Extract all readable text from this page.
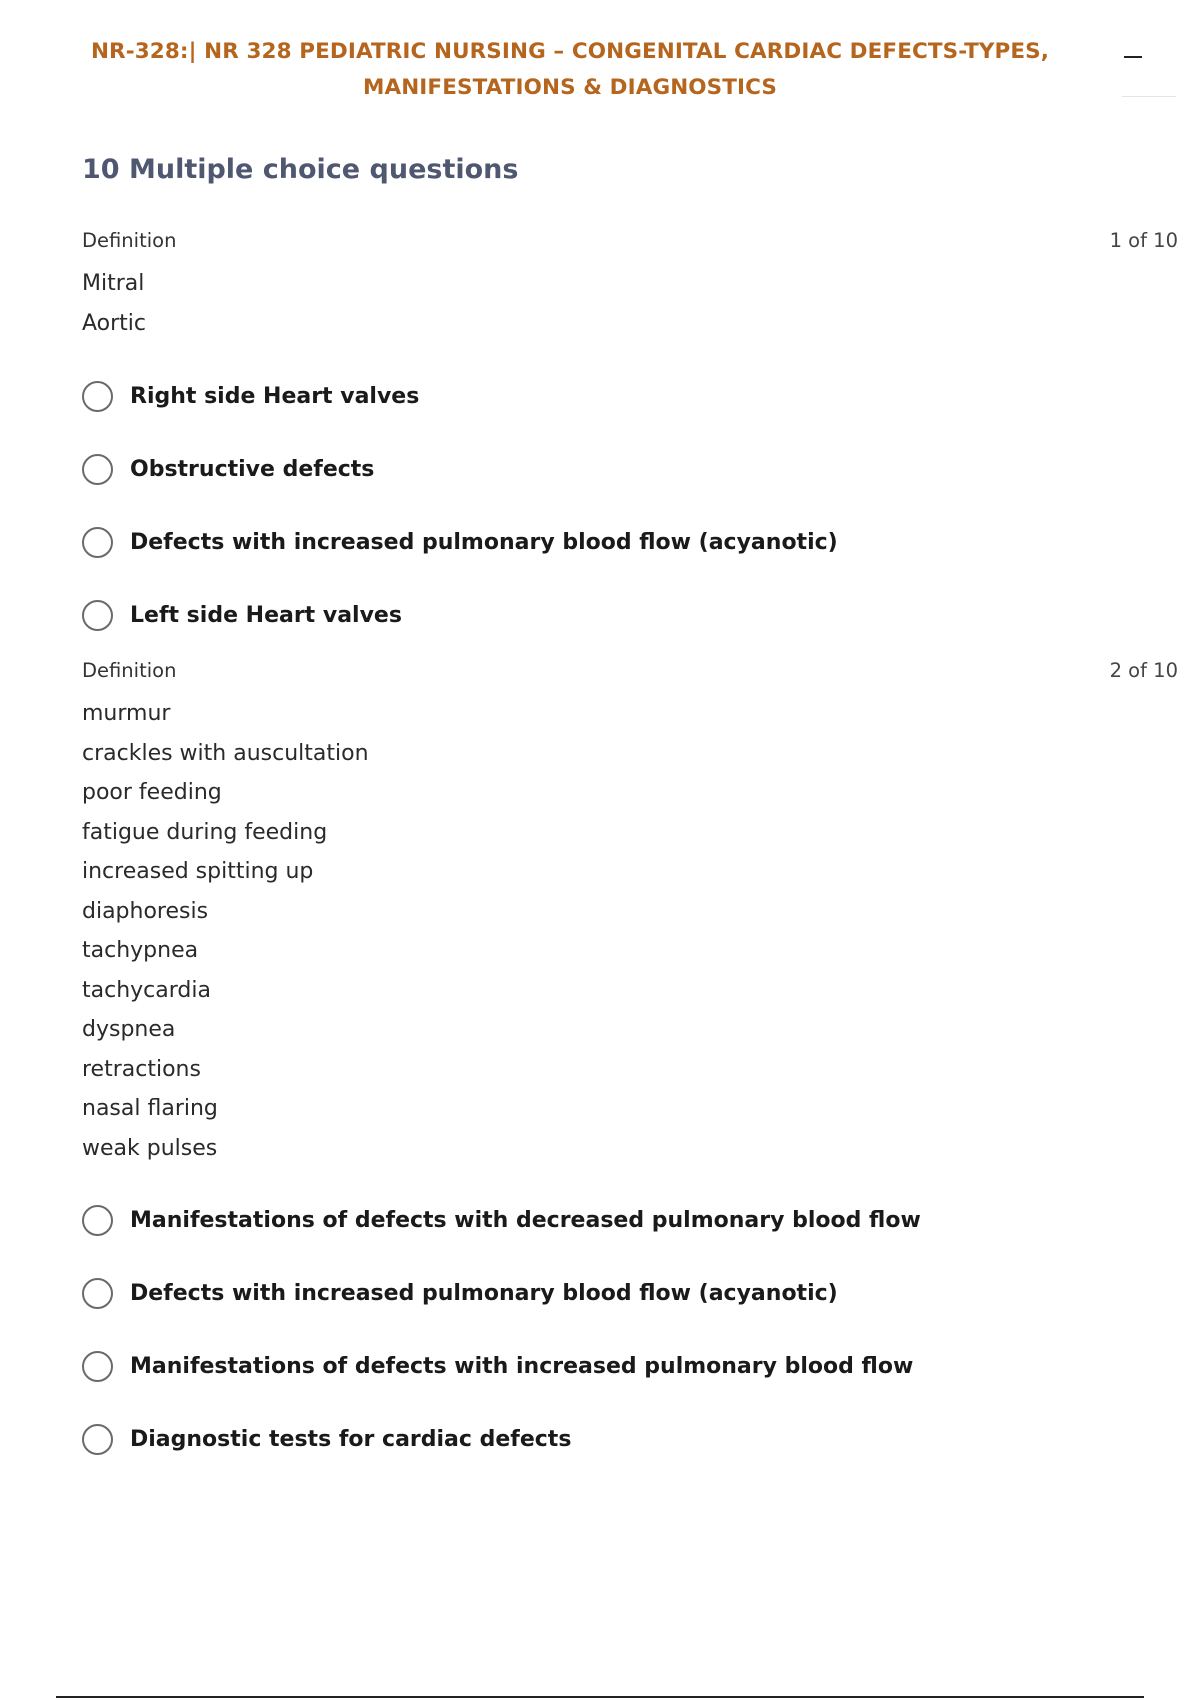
NR-328:| NR 328 PEDIATRIC NURSING – CONGENITAL CARDIAC DEFECTS-TYPES,
MANIFESTATIONS & DIAGNOSTICS
10 Multiple choice questions
Definition	1 of 10
Mitral
Aortic
Right side Heart valves
Obstructive defects
Defects with increased pulmonary blood flow (acyanotic)
Left side Heart valves
Definition	2 of 10
murmur
crackles with auscultation
poor feeding
fatigue during feeding
increased spitting up
diaphoresis
tachypnea
tachycardia
dyspnea
retractions
nasal flaring
weak pulses
Manifestations of defects with decreased pulmonary blood flow
Defects with increased pulmonary blood flow (acyanotic)
Manifestations of defects with increased pulmonary blood flow
Diagnostic tests for cardiac defects
